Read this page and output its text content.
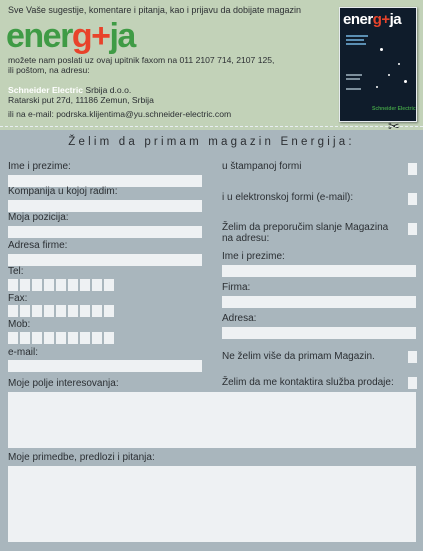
Sve Vaše sugestije, komentare i pitanja, kao i prijavu da dobijate magazin
energ+ja
možete nam poslati uz ovaj upitnik faxom na 011 2107 714, 2107 125,
ili poštom, na adresu:
Schneider Electric Srbija d.o.o.
Ratarski put 27d, 11186 Zemun, Srbija
ili na e-mail: podrska.klijentima@yu.schneider-electric.com
energ+ja
Schneider Electric
✂
Želim da primam magazin Energija:
Ime i prezime:
Kompanija u kojoj radim:
Moja pozicija:
Adresa firme:
Tel:
Fax:
Mob:
e-mail:
Moje polje interesovanja:
Moje primedbe, predlozi i pitanja:
u štampanoj formi
i u elektronskoj formi (e-mail):
Želim da preporučim slanje Magazina
na adresu:
Ime i prezime:
Firma:
Adresa:
Ne želim više da primam Magazin.
Želim da me kontaktira služba prodaje:
